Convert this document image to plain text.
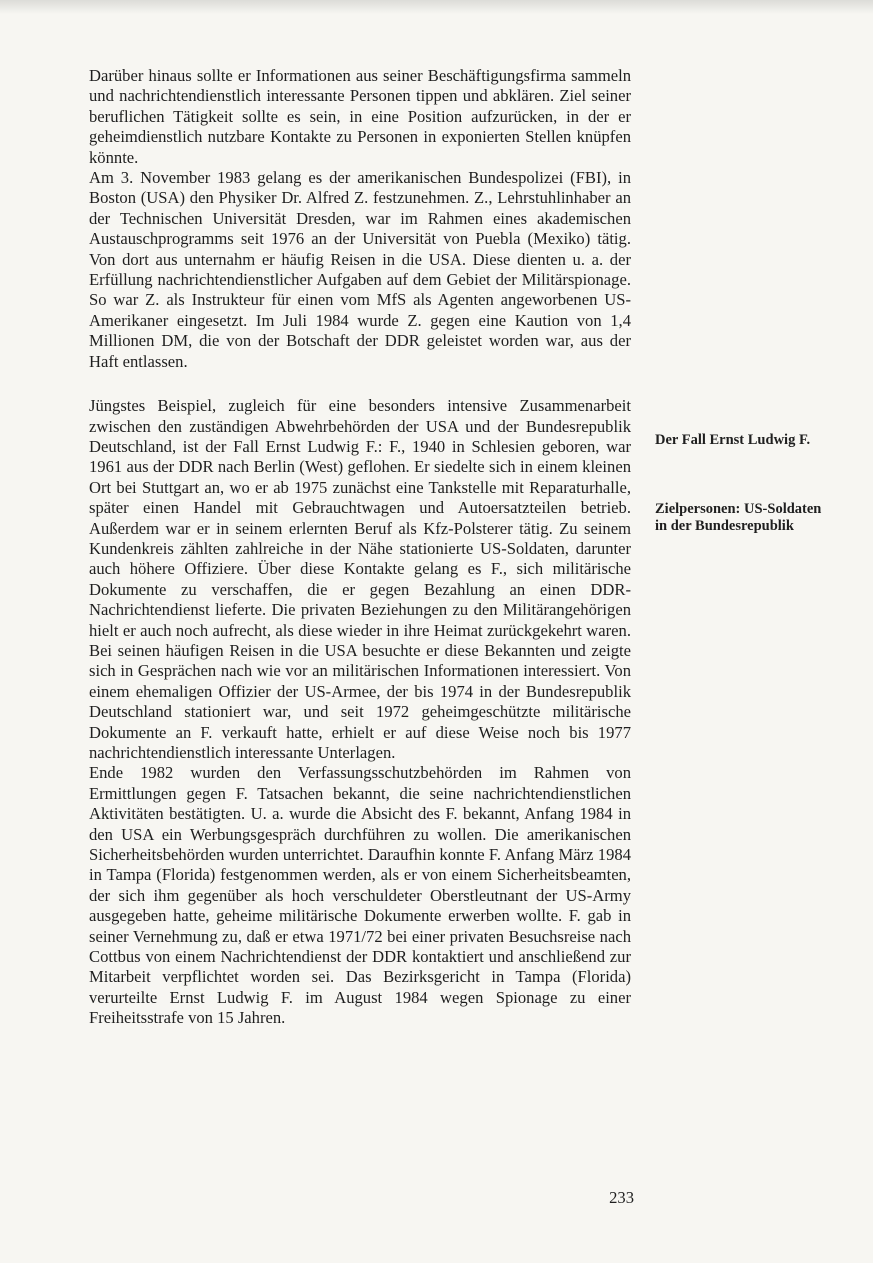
Darüber hinaus sollte er Informationen aus seiner Beschäftigungsfirma sammeln und nachrichtendienstlich interessante Personen tippen und abklären. Ziel seiner beruflichen Tätigkeit sollte es sein, in eine Position aufzurücken, in der er geheimdienstlich nutzbare Kontakte zu Personen in exponierten Stellen knüpfen könnte.

Am 3. November 1983 gelang es der amerikanischen Bundespolizei (FBI), in Boston (USA) den Physiker Dr. Alfred Z. festzunehmen. Z., Lehrstuhlinhaber an der Technischen Universität Dresden, war im Rahmen eines akademischen Austauschprogramms seit 1976 an der Universität von Puebla (Mexiko) tätig. Von dort aus unternahm er häufig Reisen in die USA. Diese dienten u. a. der Erfüllung nachrichtendienstlicher Aufgaben auf dem Gebiet der Militärspionage. So war Z. als Instrukteur für einen vom MfS als Agenten angeworbenen US-Amerikaner eingesetzt. Im Juli 1984 wurde Z. gegen eine Kaution von 1,4 Millionen DM, die von der Botschaft der DDR geleistet worden war, aus der Haft entlassen.

Jüngstes Beispiel, zugleich für eine besonders intensive Zusammenarbeit zwischen den zuständigen Abwehrbehörden der USA und der Bundesrepublik Deutschland, ist der Fall Ernst Ludwig F.: F., 1940 in Schlesien geboren, war 1961 aus der DDR nach Berlin (West) geflohen. Er siedelte sich in einem kleinen Ort bei Stuttgart an, wo er ab 1975 zunächst eine Tankstelle mit Reparaturhalle, später einen Handel mit Gebrauchtwagen und Autoersatzteilen betrieb. Außerdem war er in seinem erlernten Beruf als Kfz-Polsterer tätig. Zu seinem Kundenkreis zählten zahlreiche in der Nähe stationierte US-Soldaten, darunter auch höhere Offiziere. Über diese Kontakte gelang es F., sich militärische Dokumente zu verschaffen, die er gegen Bezahlung an einen DDR-Nachrichtendienst lieferte. Die privaten Beziehungen zu den Militärangehörigen hielt er auch noch aufrecht, als diese wieder in ihre Heimat zurückgekehrt waren. Bei seinen häufigen Reisen in die USA besuchte er diese Bekannten und zeigte sich in Gesprächen nach wie vor an militärischen Informationen interessiert. Von einem ehemaligen Offizier der US-Armee, der bis 1974 in der Bundesrepublik Deutschland stationiert war, und seit 1972 geheimgeschützte militärische Dokumente an F. verkauft hatte, erhielt er auf diese Weise noch bis 1977 nachrichtendienstlich interessante Unterlagen.

Ende 1982 wurden den Verfassungsschutzbehörden im Rahmen von Ermittlungen gegen F. Tatsachen bekannt, die seine nachrichtendienstlichen Aktivitäten bestätigten. U. a. wurde die Absicht des F. bekannt, Anfang 1984 in den USA ein Werbungsgespräch durchführen zu wollen. Die amerikanischen Sicherheitsbehörden wurden unterrichtet. Daraufhin konnte F. Anfang März 1984 in Tampa (Florida) festgenommen werden, als er von einem Sicherheitsbeamten, der sich ihm gegenüber als hoch verschuldeter Oberstleutnant der US-Army ausgegeben hatte, geheime militärische Dokumente erwerben wollte. F. gab in seiner Vernehmung zu, daß er etwa 1971/72 bei einer privaten Besuchsreise nach Cottbus von einem Nachrichtendienst der DDR kontaktiert und anschließend zur Mitarbeit verpflichtet worden sei. Das Bezirksgericht in Tampa (Florida) verurteilte Ernst Ludwig F. im August 1984 wegen Spionage zu einer Freiheitsstrafe von 15 Jahren.

Der Fall Ernst Ludwig F.
Zielpersonen: US-Soldaten in der Bundesrepublik
233
